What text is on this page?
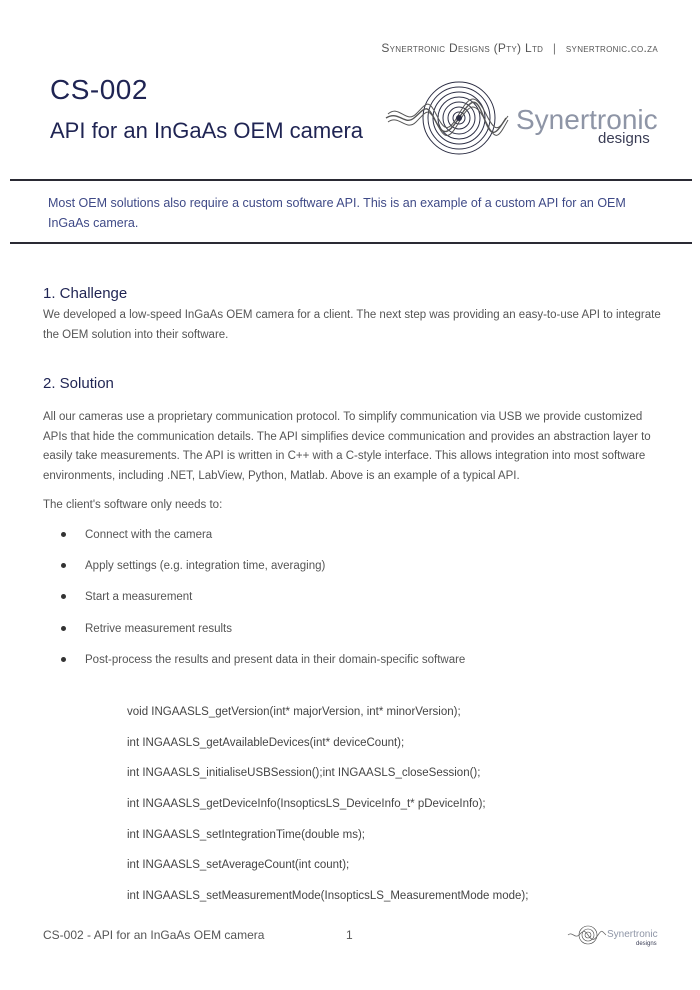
Synertronic Designs (Pty) Ltd | synertronic.co.za
CS-002
API for an InGaAs OEM camera	Synertronic
designs
Most OEM solutions also require a custom software API. This is an example of a custom API for an OEM InGaAs camera.
1. Challenge
We developed a low-speed InGaAs OEM camera for a client. The next step was providing an easy-to-use API to integrate the OEM solution into their software.
2. Solution
All our cameras use a proprietary communication protocol. To simplify communication via USB we provide customized APIs that hide the communication details. The API simplifies device communication and provides an abstraction layer to easily take measurements. The API is written in C++ with a C-style interface. This allows integration into most software environments, including .NET, LabView, Python, Matlab. Above is an example of a typical API.
The client's software only needs to:
Connect with the camera
Apply settings (e.g. integration time, averaging)
Start a measurement
Retrive measurement results
Post-process the results and present data in their domain-specific software
void INGAASLS_getVersion(int* majorVersion, int* minorVersion);
int INGAASLS_getAvailableDevices(int* deviceCount);
int INGAASLS_initialiseUSBSession();int INGAASLS_closeSession();
int INGAASLS_getDeviceInfo(InsopticsLS_DeviceInfo_t* pDeviceInfo);
int INGAASLS_setIntegrationTime(double ms);
int INGAASLS_setAverageCount(int count);
int INGAASLS_setMeasurementMode(InsopticsLS_MeasurementMode mode);
CS-002 - API for an InGaAs OEM camera	1	Synertronic
designs
